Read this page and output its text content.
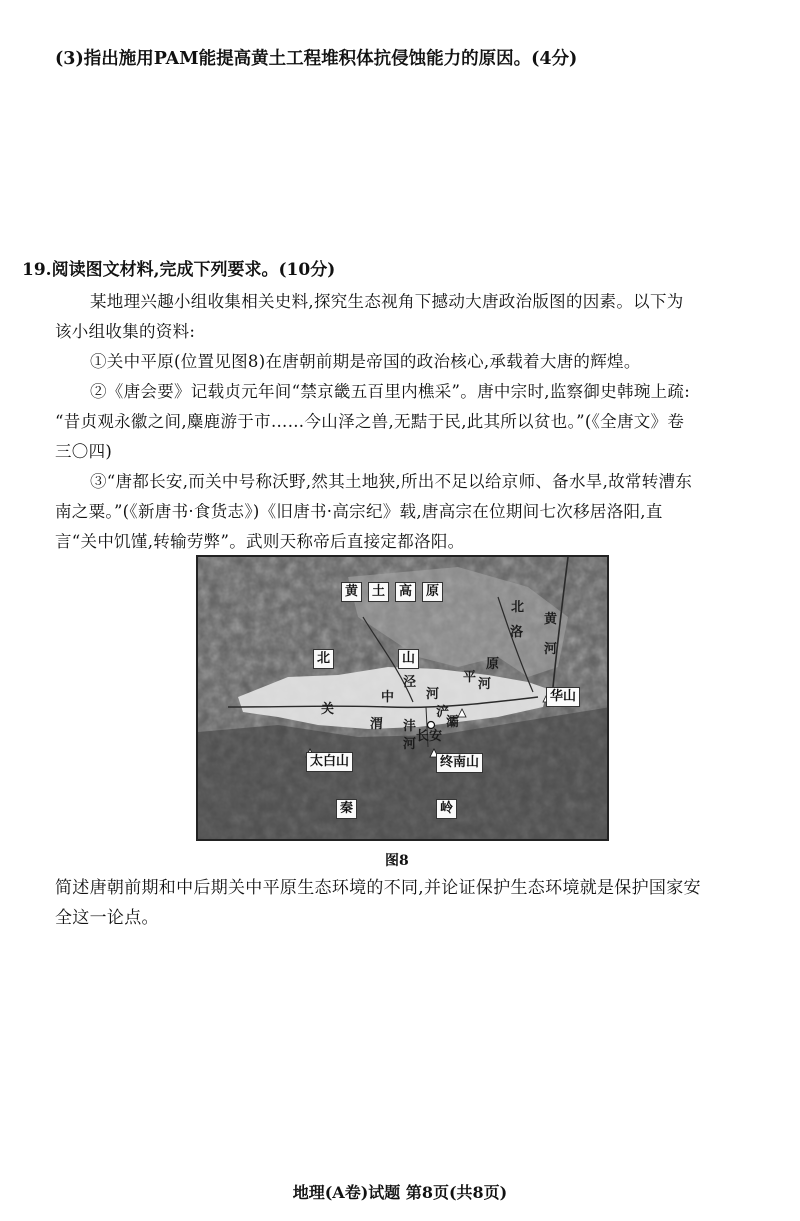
(3)指出施用PAM能提高黄土工程堆积体抗侵蚀能力的原因。(4分)
19.阅读图文材料,完成下列要求。(10分)
某地理兴趣小组收集相关史料,探究生态视角下撼动大唐政治版图的因素。以下为
该小组收集的资料:
①关中平原(位置见图8)在唐朝前期是帝国的政治核心,承载着大唐的辉煌。
②《唐会要》记载贞元年间“禁京畿五百里内樵采”。唐中宗时,监察御史韩琬上疏:
“昔贞观永徽之间,麋鹿游于市……今山泽之兽,无黠于民,此其所以贫也。”(《全唐文》卷
三〇四)
③“唐都长安,而关中号称沃野,然其土地狭,所出不足以给京师、备水旱,故常转漕东
南之粟。”(《新唐书·食货志》)《旧唐书·高宗纪》载,唐高宗在位期间七次移居洛阳,直
言“关中饥馑,转输劳弊”。武则天称帝后直接定都洛阳。
黄	土	高	原
北	山
北
洛
河
黄
原
平 河
中
泾
河
关
渭
浐
灞
沣
河
长安
华山
太白山	终南山
秦	岭
图8
简述唐朝前期和中后期关中平原生态环境的不同,并论证保护生态环境就是保护国家安
全这一论点。
地理(A卷)试题 第8页(共8页)
